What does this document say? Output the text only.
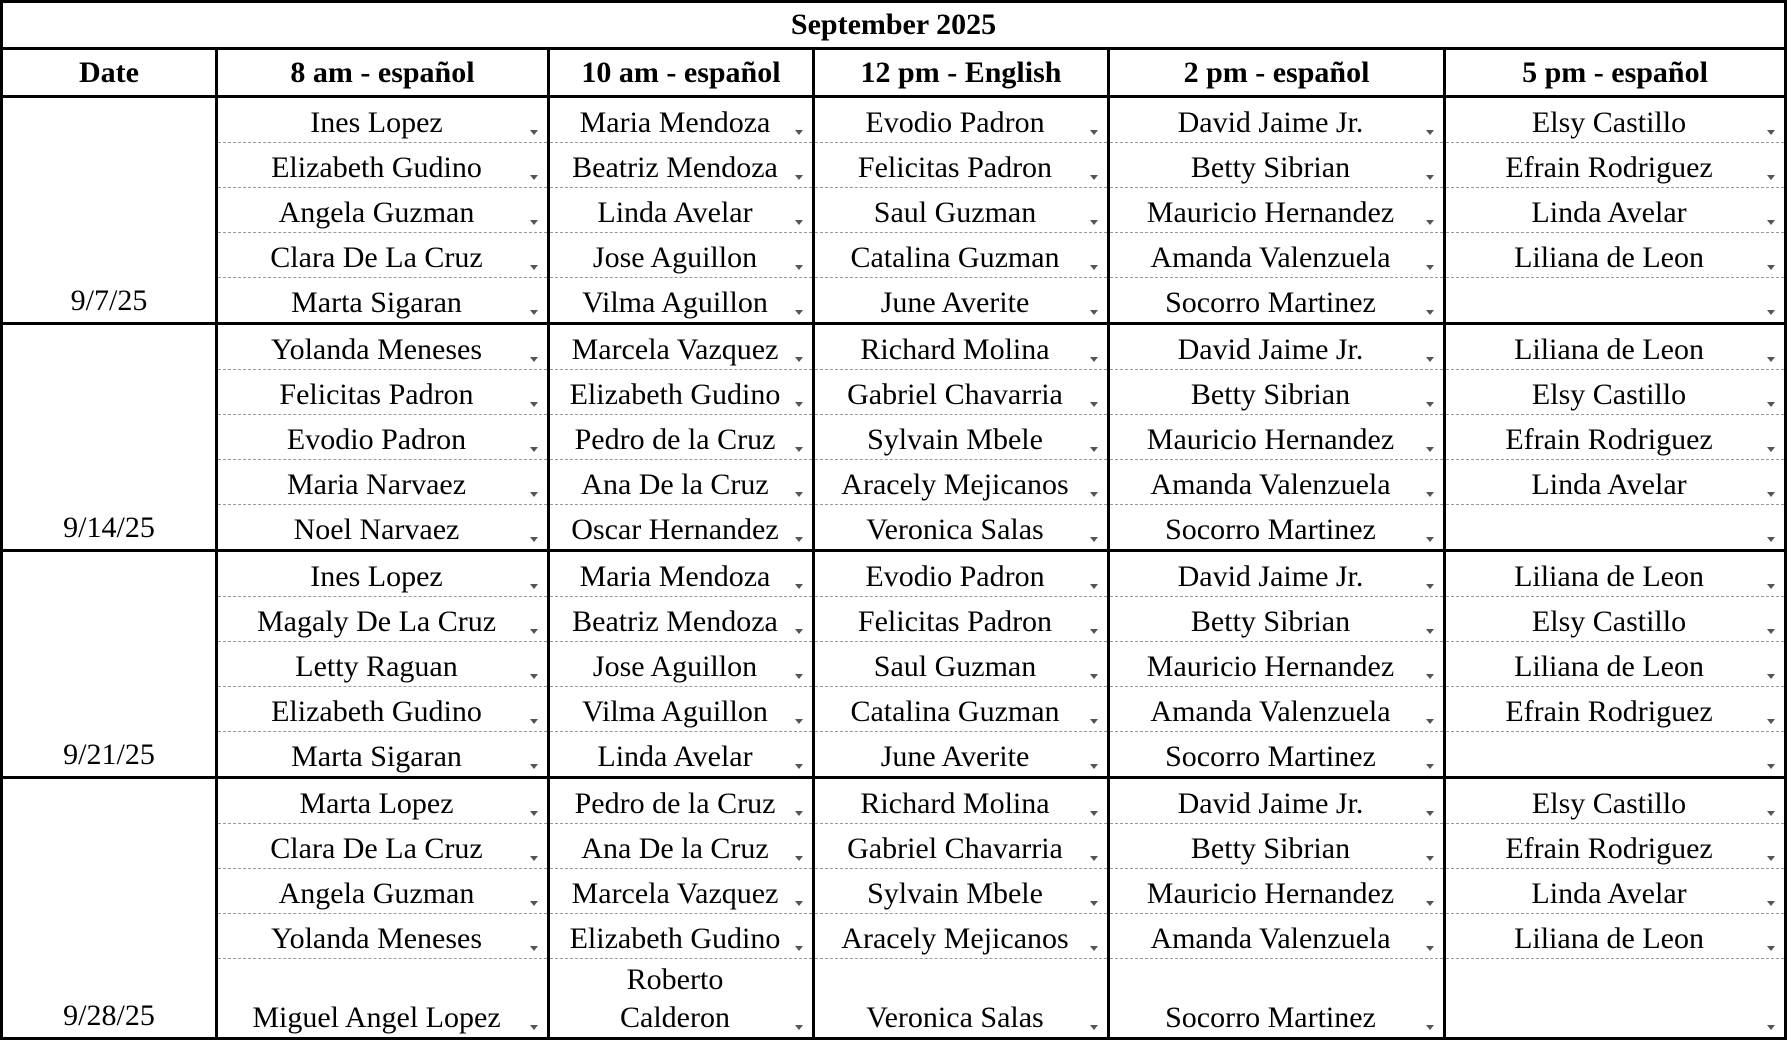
September 2025					
Date	8 am - español	10 am - español	12 pm - English	2 pm - español	5 pm - español
9/7/25	Ines Lopez	Maria Mendoza	Evodio Padron	David Jaime Jr.	Elsy Castillo

	Elizabeth Gudino	Beatriz Mendoza	Felicitas Padron	Betty Sibrian	Efrain Rodriguez

	Angela Guzman	Linda Avelar	Saul Guzman	Mauricio Hernandez	Linda Avelar

	Clara De La Cruz	Jose Aguillon	Catalina Guzman	Amanda Valenzuela	Liliana de Leon

	Marta Sigaran	Vilma Aguillon	June Averite	Socorro Martinez

9/14/25	Yolanda Meneses	Marcela Vazquez	Richard Molina	David Jaime Jr.	Liliana de Leon

	Felicitas Padron	Elizabeth Gudino	Gabriel Chavarria	Betty Sibrian	Elsy Castillo

	Evodio Padron	Pedro de la Cruz	Sylvain Mbele	Mauricio Hernandez	Efrain Rodriguez

	Maria Narvaez	Ana De la Cruz	Aracely Mejicanos	Amanda Valenzuela	Linda Avelar

	Noel Narvaez	Oscar Hernandez	Veronica Salas	Socorro Martinez

9/21/25	Ines Lopez	Maria Mendoza	Evodio Padron	David Jaime Jr.	Liliana de Leon

	Magaly De La Cruz	Beatriz Mendoza	Felicitas Padron	Betty Sibrian	Elsy Castillo

	Letty Raguan	Jose Aguillon	Saul Guzman	Mauricio Hernandez	Liliana de Leon

	Elizabeth Gudino	Vilma Aguillon	Catalina Guzman	Amanda Valenzuela	Efrain Rodriguez

	Marta Sigaran	Linda Avelar	June Averite	Socorro Martinez

9/28/25	Marta Lopez	Pedro de la Cruz	Richard Molina	David Jaime Jr.	Elsy Castillo

	Clara De La Cruz	Ana De la Cruz	Gabriel Chavarria	Betty Sibrian	Efrain Rodriguez

	Angela Guzman	Marcela Vazquez	Sylvain Mbele	Mauricio Hernandez	Linda Avelar

	Yolanda Meneses	Elizabeth Gudino	Aracely Mejicanos	Amanda Valenzuela	Liliana de Leon

	Miguel Angel Lopez	Roberto Calderon	Veronica Salas	Socorro Martinez
